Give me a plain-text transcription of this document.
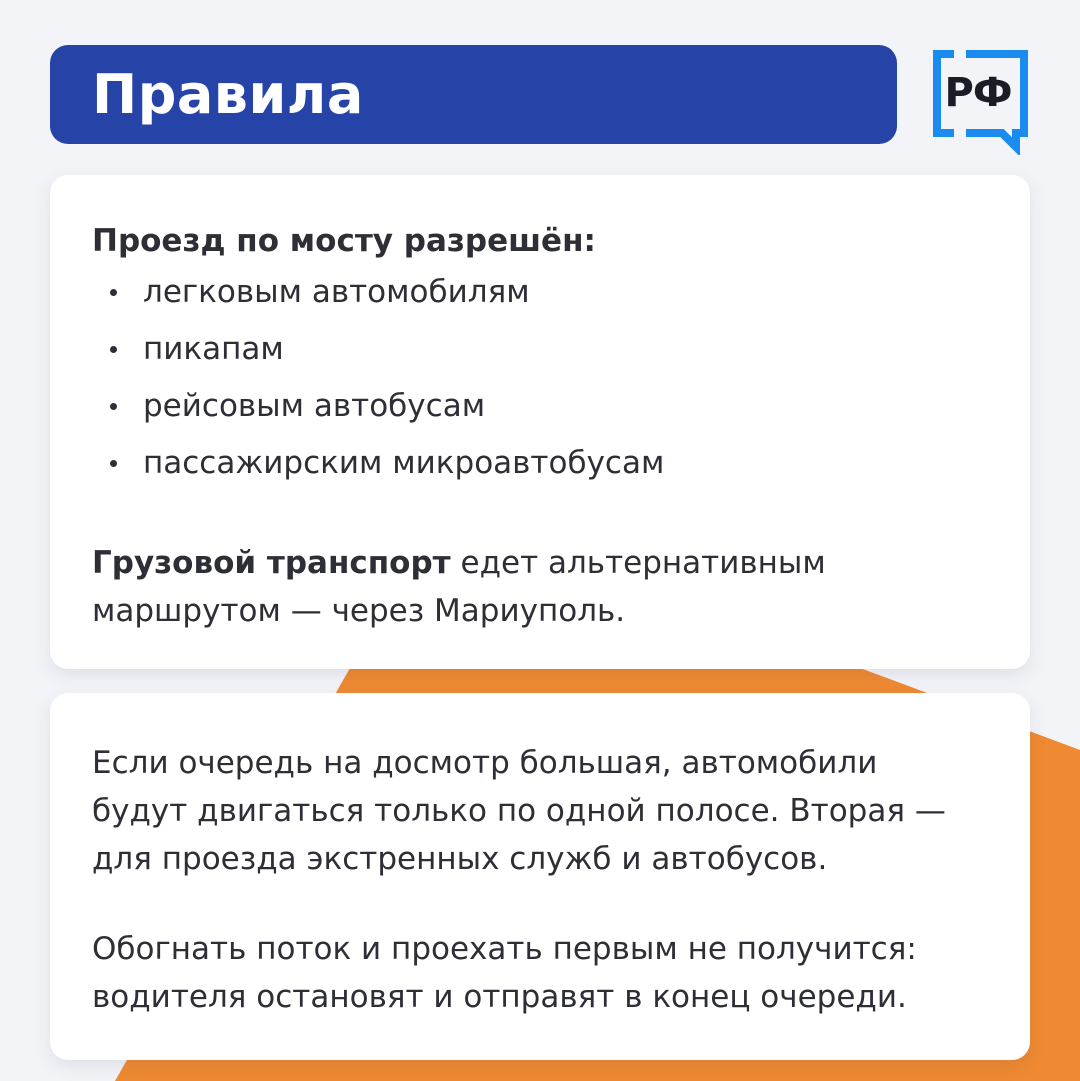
Правила	РФ
Проезд по мосту разрешён:
легковым автомобилям
пикапам
рейсовым автобусам
пассажирским микроавтобусам
Грузовой транспорт едет альтернативным
маршрутом — через Мариуполь.
Если очередь на досмотр большая, автомобили
будут двигаться только по одной полосе. Вторая —
для проезда экстренных служб и автобусов.
Обогнать поток и проехать первым не получится:
водителя остановят и отправят в конец очереди.
